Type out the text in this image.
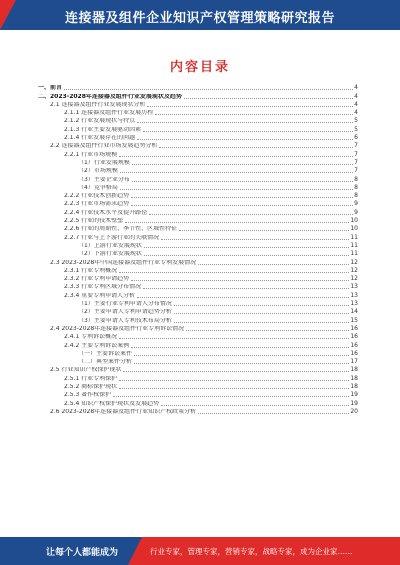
连接器及组件企业知识产权管理策略研究报告
内容目录
一、前言	4
二、2023-2028年连接器及组件行业发展现状及趋势	4
2.1 连接器及组件行业发展现状分析	4
2.1.1 连接器及组件行业发展历程	4
2.1.2 行业发展现状与特点	5
2.1.3 行业主要发展驱动因素	5
2.1.4 行业发展存在的问题	6
2.2 连接器及组件行业市场发展趋势分析	7
2.2.1 行业市场规模	7
（1）行业发展规模	7
（2）市场规模	7
（3）主要企业分布	8
（4）竞争格局	8
2.2.2 行业技术创新趋势	8
2.2.3 行业市场需求趋势	9
2.2.4 行业技术水平及提升路径	9
2.2.5 行业的技术壁垒	10
2.2.6 行业的周期性、季节性、区域性特征	10
2.2.7 行业与上下游行业的关联情况	11
（1）上游行业发展现状	11
（2）下游行业发展现状	11
2.3 2023-2028年中国连接器及组件行业专利发展情况	12
2.3.1 行业专利概况	12
2.3.2 行业专利申请趋势	12
2.3.3 行业专利区域分布情况	13
2.3.4 重要专利申请人分析	13
（1）主要行业专利申请人分布情况	13
（2）主要申请人专利申请趋势分析	14
（3）主要申请人专利技术布局分析	15
2.4 2023-2028年连接器及组件行业专利诉讼情况	16
2.4.1 专利诉讼概况	16
2.4.2 主要专利诉讼案例	16
（一）主要诉讼案件	16
（二）典型案件分析	17
2.5 行业知识产权保护现状	18
2.5.1 行业专利保护	18
2.5.2 商标保护现状	18
2.5.3 著作权保护	19
2.5.4 知识产权保护现状及发展趋势	19
2.6 2023-2028年连接器及组件行业知识产权政策分析	20
让每个人都能成为	行业专家，管理专家，营销专家，战略专家，成为企业家……
